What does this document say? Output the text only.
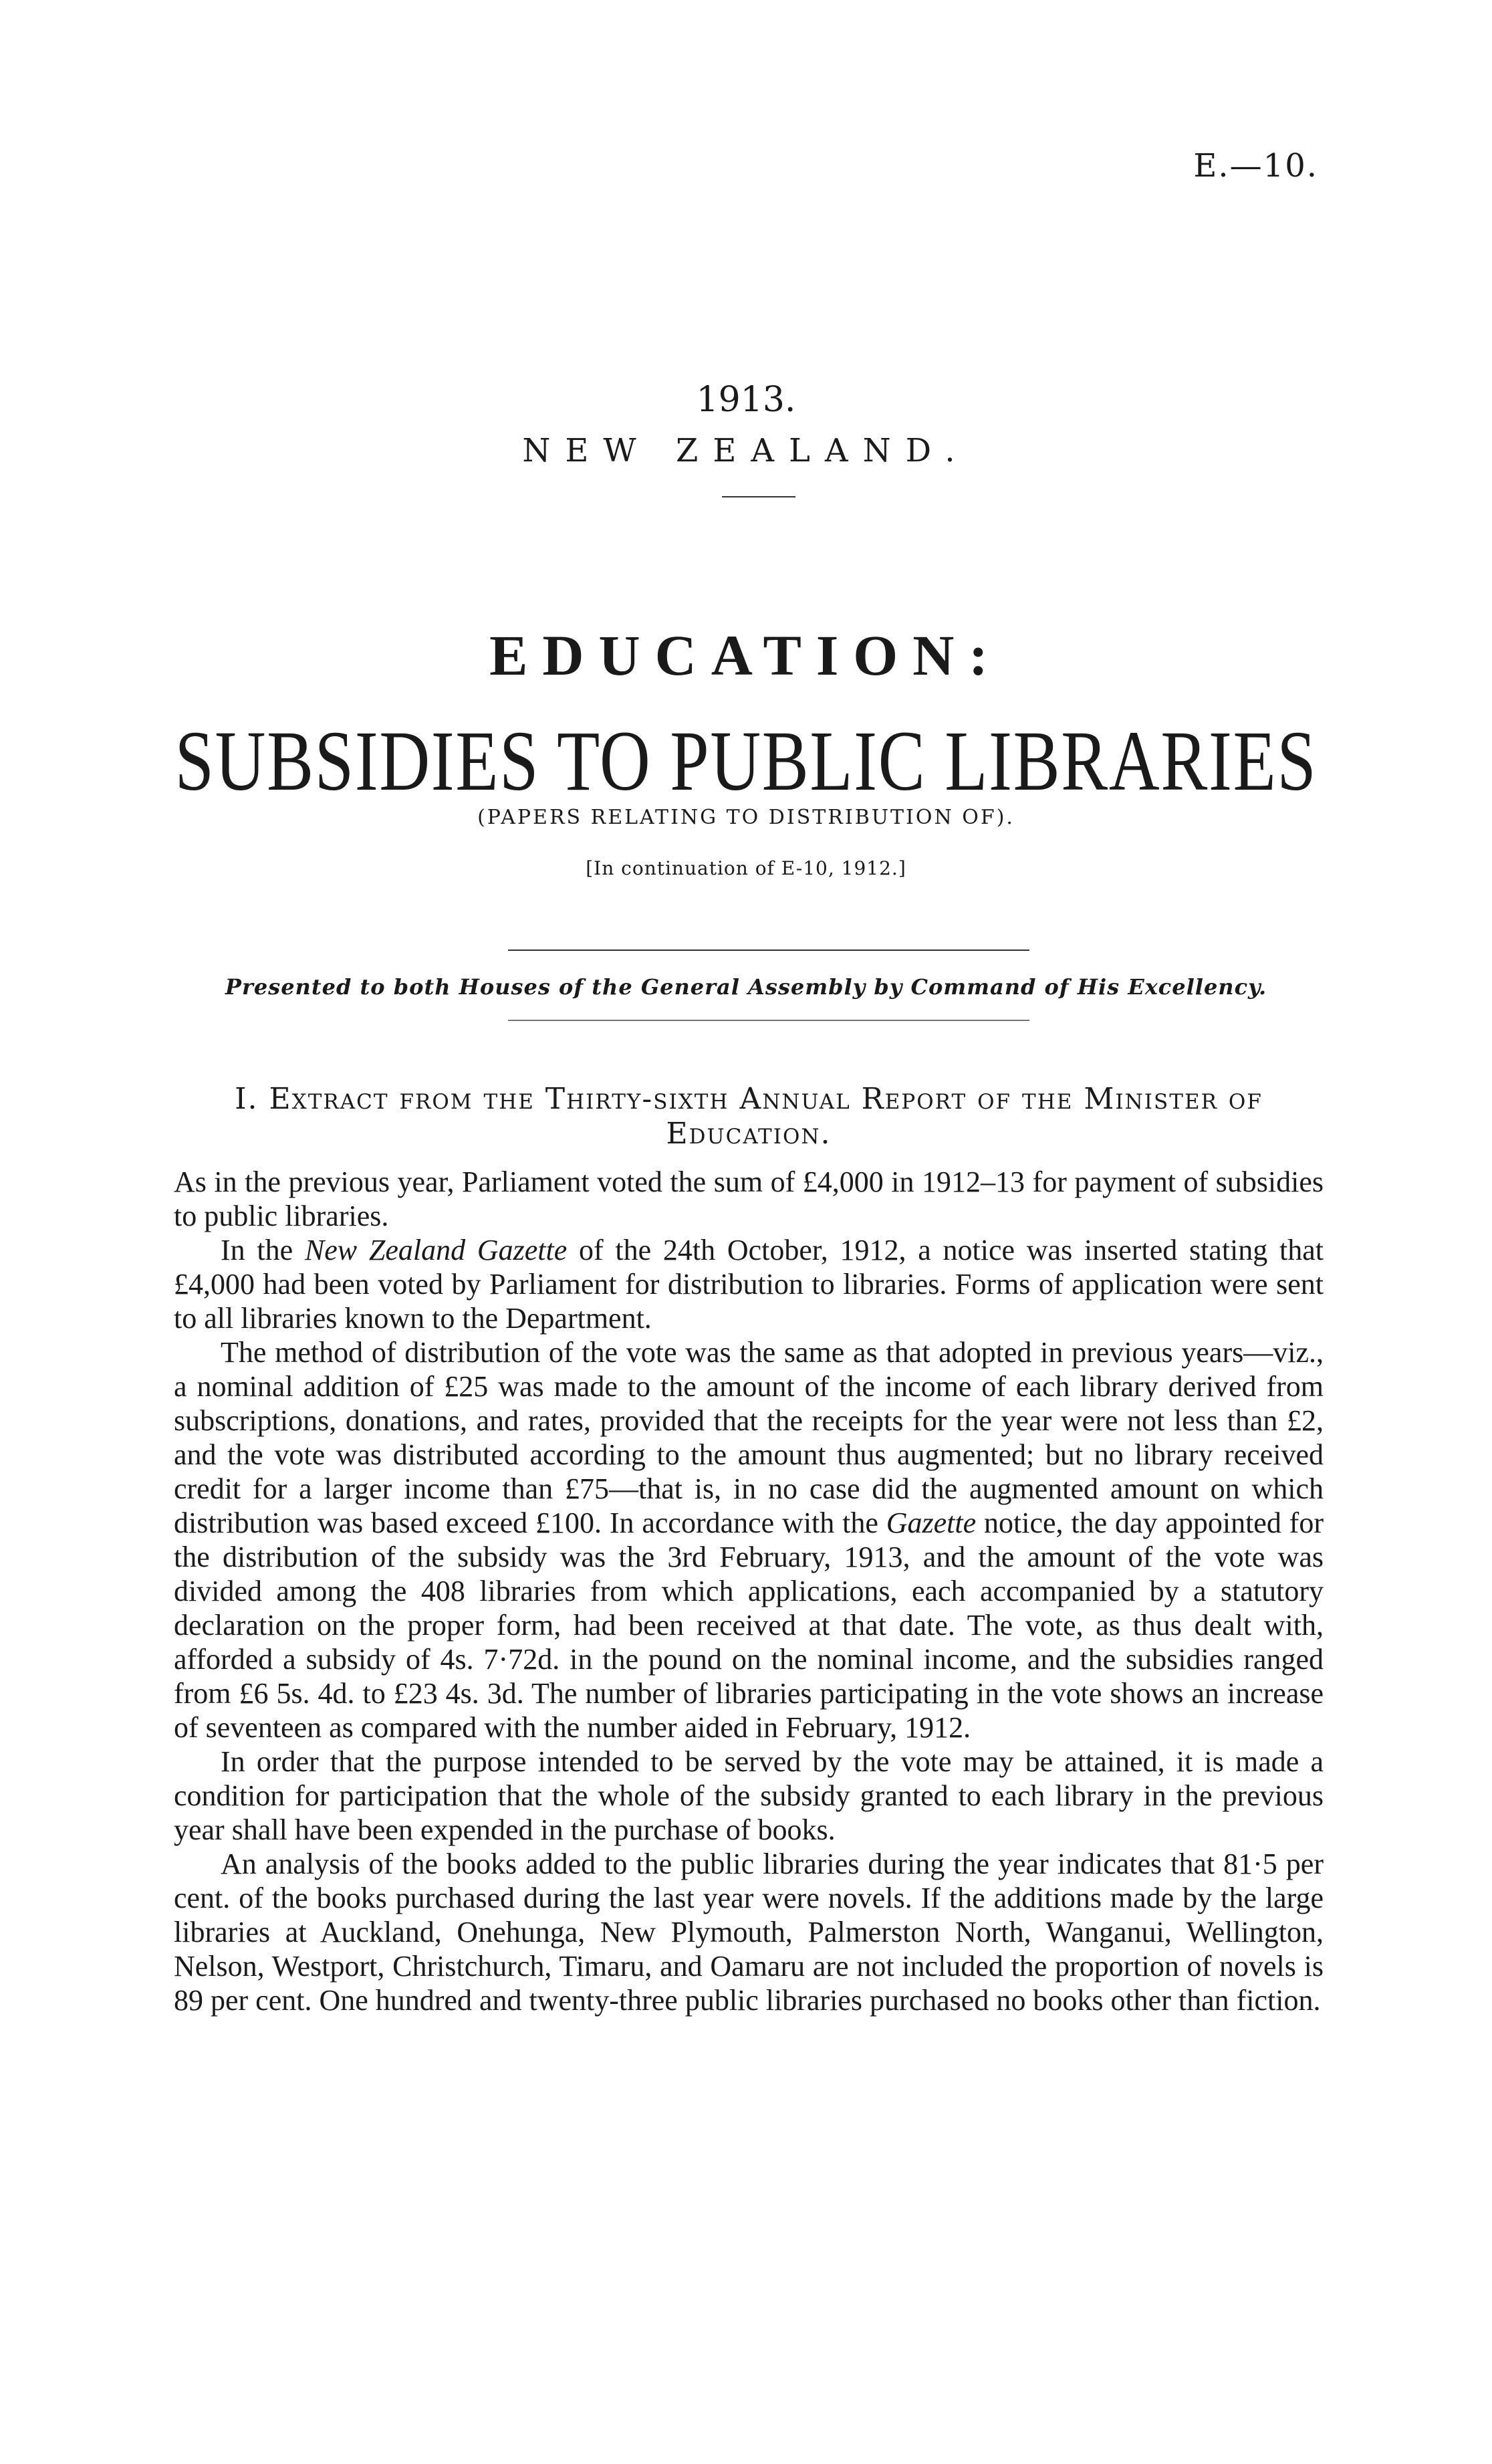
E.—10.
1913.
NEW ZEALAND.
EDUCATION:
SUBSIDIES TO PUBLIC LIBRARIES
(PAPERS RELATING TO DISTRIBUTION OF).
[In continuation of E-10, 1912.]
Presented to both Houses of the General Assembly by Command of His Excellency.
I. Extract from the Thirty-sixth Annual Report of the Minister of Education.

As in the previous year, Parliament voted the sum of £4,000 in 1912–13 for payment of subsidies to public libraries.

In the New Zealand Gazette of the 24th October, 1912, a notice was inserted stating that £4,000 had been voted by Parliament for distribution to libraries. Forms of application were sent to all libraries known to the Department.

The method of distribution of the vote was the same as that adopted in previous years—viz., a nominal addition of £25 was made to the amount of the income of each library derived from subscriptions, donations, and rates, provided that the receipts for the year were not less than £2, and the vote was distributed according to the amount thus augmented; but no library received credit for a larger income than £75—that is, in no case did the augmented amount on which distribution was based exceed £100. In accordance with the Gazette notice, the day appointed for the distribution of the subsidy was the 3rd February, 1913, and the amount of the vote was divided among the 408 libraries from which applications, each accompanied by a statutory declaration on the proper form, had been received at that date. The vote, as thus dealt with, afforded a subsidy of 4s. 7·72d. in the pound on the nominal income, and the subsidies ranged from £6 5s. 4d. to £23 4s. 3d. The number of libraries participating in the vote shows an increase of seventeen as compared with the number aided in February, 1912.

In order that the purpose intended to be served by the vote may be attained, it is made a condition for participation that the whole of the subsidy granted to each library in the previous year shall have been expended in the purchase of books.

An analysis of the books added to the public libraries during the year indicates that 81·5 per cent. of the books purchased during the last year were novels. If the additions made by the large libraries at Auckland, Onehunga, New Plymouth, Palmerston North, Wanganui, Wellington, Nelson, Westport, Christchurch, Timaru, and Oamaru are not included the proportion of novels is 89 per cent. One hundred and twenty-three public libraries purchased no books other than fiction.
